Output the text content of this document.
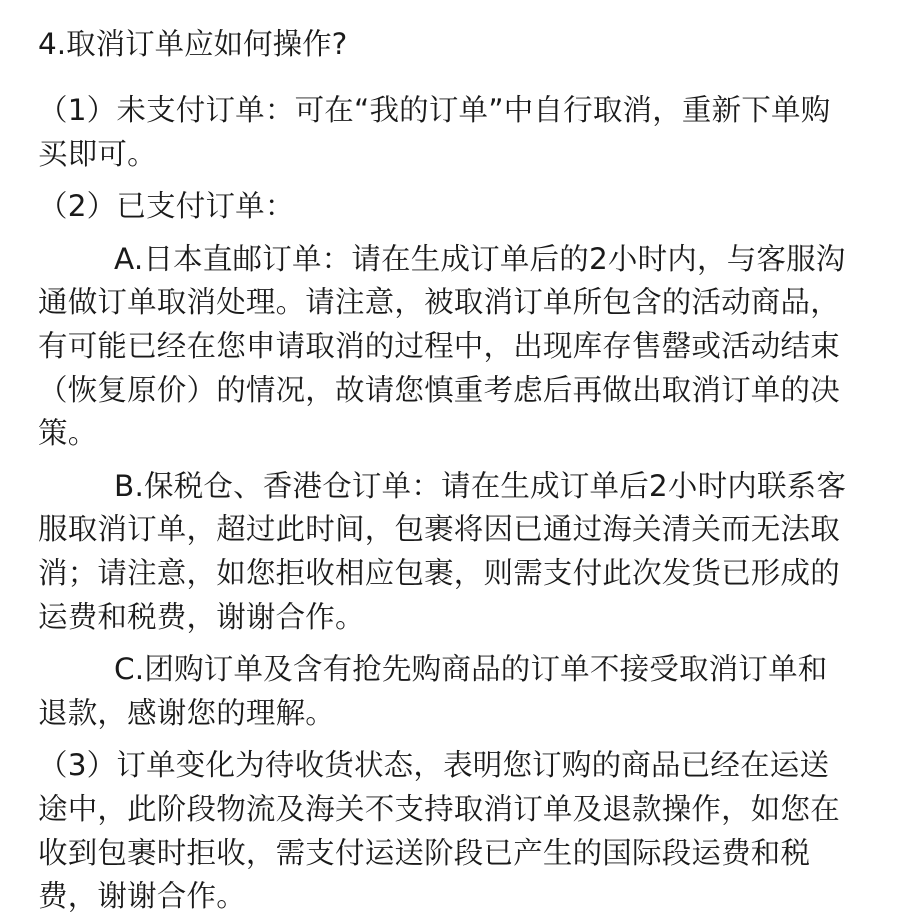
4.取消订单应如何操作?
（1）未支付订单：可在“我的订单”中自行取消，重新下单购
买即可。
（2）已支付订单：
A.日本直邮订单：请在生成订单后的2小时内，与客服沟
通做订单取消处理。请注意，被取消订单所包含的活动商品，
有可能已经在您申请取消的过程中，出现库存售罄或活动结束
（恢复原价）的情况，故请您慎重考虑后再做出取消订单的决
策。
B.保税仓、香港仓订单：请在生成订单后2小时内联系客
服取消订单，超过此时间，包裹将因已通过海关清关而无法取
消；请注意，如您拒收相应包裹，则需支付此次发货已形成的
运费和税费，谢谢合作。
C.团购订单及含有抢先购商品的订单不接受取消订单和
退款，感谢您的理解。
（3）订单变化为待收货状态，表明您订购的商品已经在运送
途中，此阶段物流及海关不支持取消订单及退款操作，如您在
收到包裹时拒收，需支付运送阶段已产生的国际段运费和税
费，谢谢合作。
